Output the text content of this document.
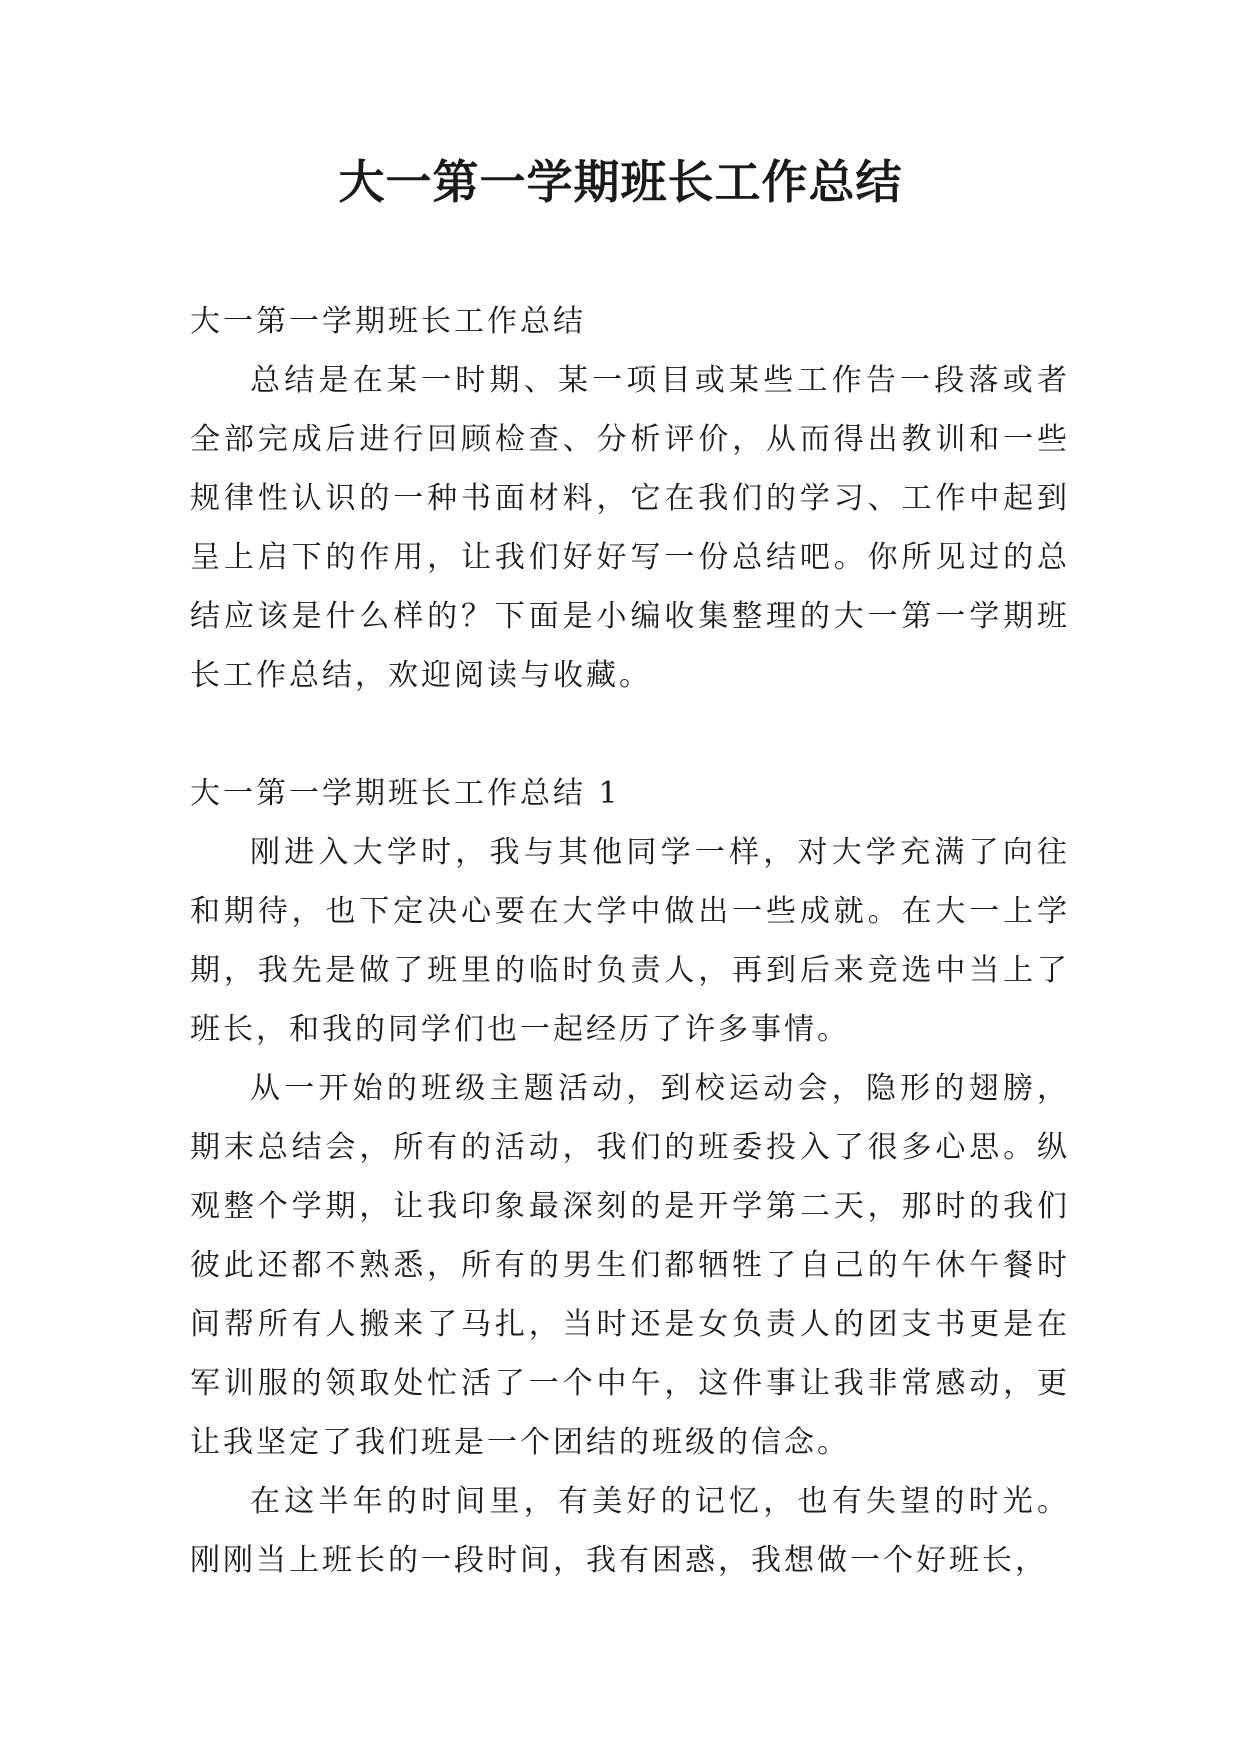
大一第一学期班长工作总结

大一第一学期班长工作总结

总结是在某一时期、某一项目或某些工作告一段落或者全部完成后进行回顾检查、分析评价，从而得出教训和一些规律性认识的一种书面材料，它在我们的学习、工作中起到呈上启下的作用，让我们好好写一份总结吧。你所见过的总结应该是什么样的？下面是小编收集整理的大一第一学期班长工作总结，欢迎阅读与收藏。

大一第一学期班长工作总结 1

刚进入大学时，我与其他同学一样，对大学充满了向往和期待，也下定决心要在大学中做出一些成就。在大一上学期，我先是做了班里的临时负责人，再到后来竞选中当上了班长，和我的同学们也一起经历了许多事情。

从一开始的班级主题活动，到校运动会，隐形的翅膀，期末总结会，所有的活动，我们的班委投入了很多心思。纵观整个学期，让我印象最深刻的是开学第二天，那时的我们彼此还都不熟悉，所有的男生们都牺牲了自己的午休午餐时间帮所有人搬来了马扎，当时还是女负责人的团支书更是在军训服的领取处忙活了一个中午，这件事让我非常感动，更让我坚定了我们班是一个团结的班级的信念。

在这半年的时间里，有美好的记忆，也有失望的时光。刚刚当上班长的一段时间，我有困惑，我想做一个好班长，
